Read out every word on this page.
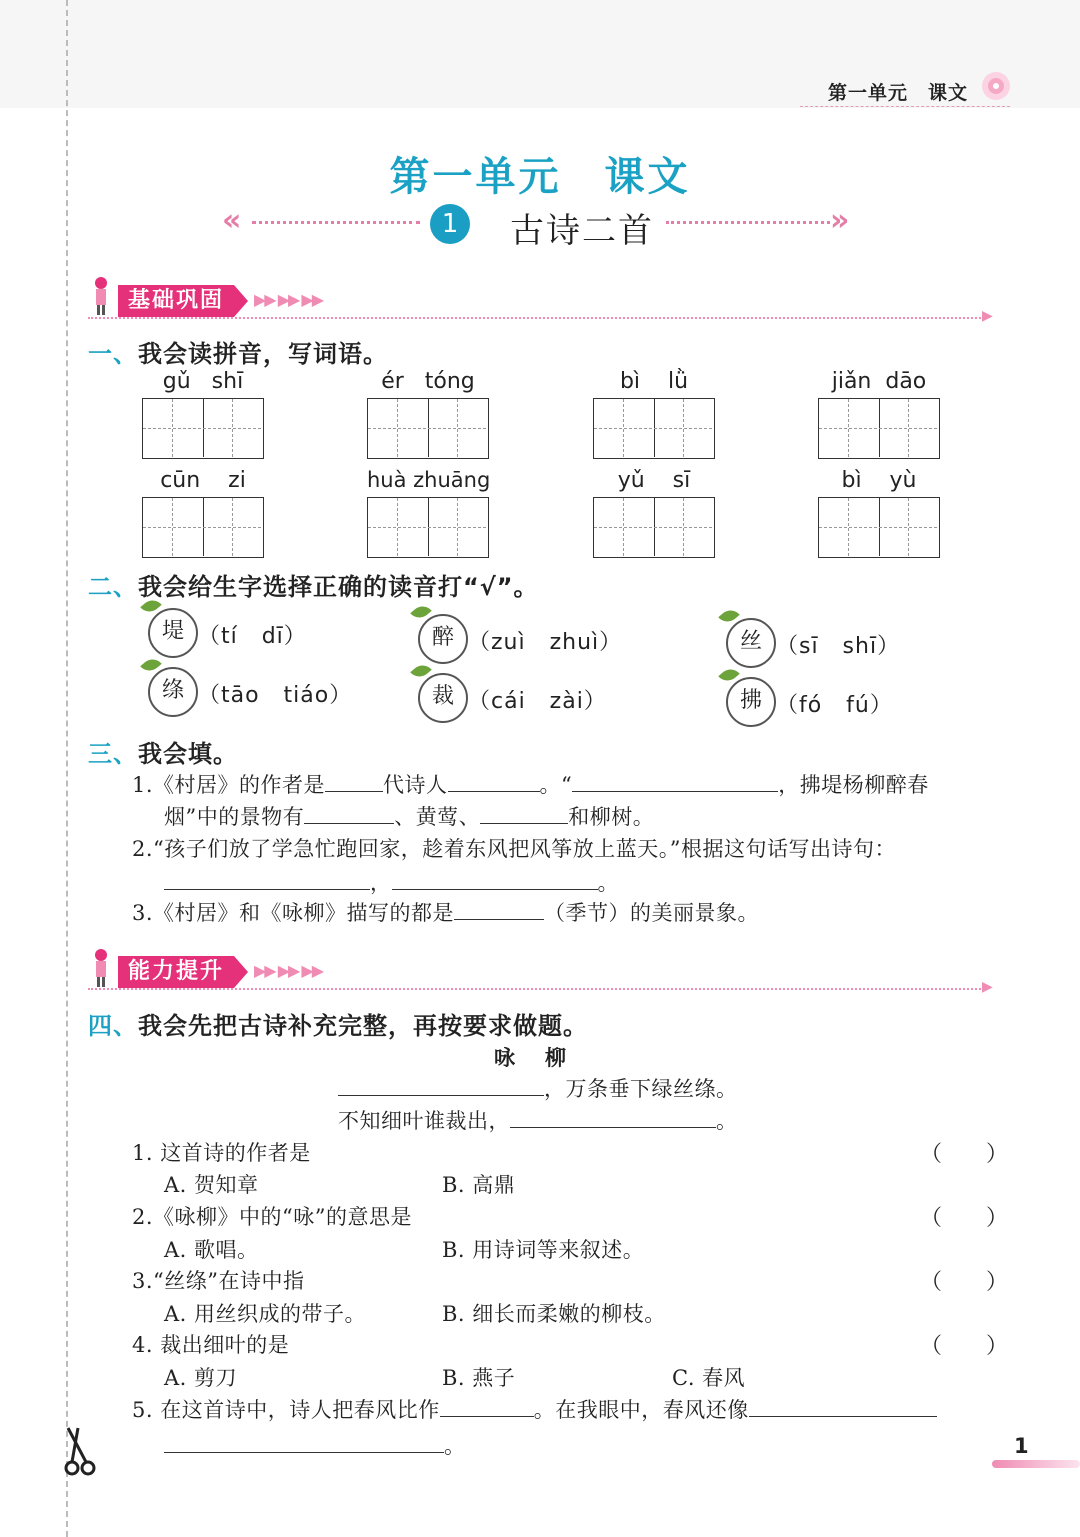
第一单元　课文
第一单元　课文
«	1	古诗二首	»
基础巩固	▶▶ ▶▶ ▶▶
▶
一、我会读拼音，写词语。
gǔ   shī	ér   tóng	bì    lǜ	jiǎn  dāo
cūn    zi	huà zhuāng	yǔ    sī	bì    yù
二、我会给生字选择正确的读音打“√”。
堤 （tí   dī）	醉 （zuì   zhuì）	丝 （sī   shī）
绦 （tāo   tiáo）	裁 （cái   zài）	拂 （fó   fú）
三、我会填。
1.《村居》的作者是	代诗人	。“	，拂堤杨柳醉春
烟”中的景物有	、黄莺、	和柳树。
2.“孩子们放了学急忙跑回家，趁着东风把风筝放上蓝天。”根据这句话写出诗句：
，	。
3.《村居》和《咏柳》描写的都是	（季节）的美丽景象。
能力提升	▶▶ ▶▶ ▶▶
▶
四、我会先把古诗补充完整，再按要求做题。
咏柳
，万条垂下绿丝绦。
不知细叶谁裁出，	。
1. 这首诗的作者是	（　　）
A. 贺知章	B. 高鼎
2.《咏柳》中的“咏”的意思是	（　　）
A. 歌唱。	B. 用诗词等来叙述。
3.“丝绦”在诗中指	（　　）
A. 用丝织成的带子。	B. 细长而柔嫩的柳枝。
4. 裁出细叶的是	（　　）
A. 剪刀	B. 燕子	C. 春风
5. 在这首诗中，诗人把春风比作	。在我眼中，春风还像
。	1
